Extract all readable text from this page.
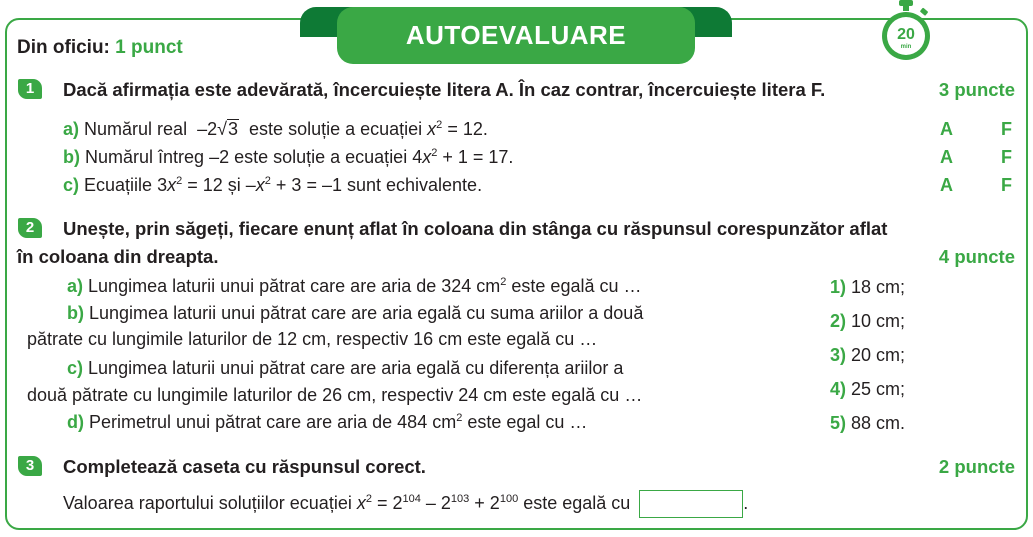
AUTOEVALUARE	20
min
Din oficiu: 1 punct
1	Dacă afirmația este adevărată, încercuiește litera A. În caz contrar, încercuiește litera F.	3 puncte
a) Numărul real –2√3 este soluție a ecuației $x^2 = 12$.	A	F
b) Numărul întreg –2 este soluție a ecuației $4x^2 + 1 = 17$.	A	F
c) Ecuațiile $3x^2 = 12$ și $-x^2 + 3 = -1$ sunt echivalente.	A	F
2	Unește, prin săgeți, fiecare enunț aflat în coloana din stânga cu răspunsul corespunzător aflat
în coloana din dreapta.	4 puncte
a) Lungimea laturii unui pătrat care are aria de 324 $cm^2$ este egală cu …
b) Lungimea laturii unui pătrat care are aria egală cu suma ariilor a două
pătrate cu lungimile laturilor de 12 cm, respectiv 16 cm este egală cu …
c) Lungimea laturii unui pătrat care are aria egală cu diferența ariilor a
două pătrate cu lungimile laturilor de 26 cm, respectiv 24 cm este egală cu …
d) Perimetrul unui pătrat care are aria de 484 $cm^2$ este egal cu …
1) 18 cm;
2) 10 cm;
3) 20 cm;
4) 25 cm;
5) 88 cm.
3	Completează caseta cu răspunsul corect.	2 puncte
Valoarea raportului soluțiilor ecuației $x^2 = 2^{104} - 2^{103} + 2^{100}$ este egală cu	.
